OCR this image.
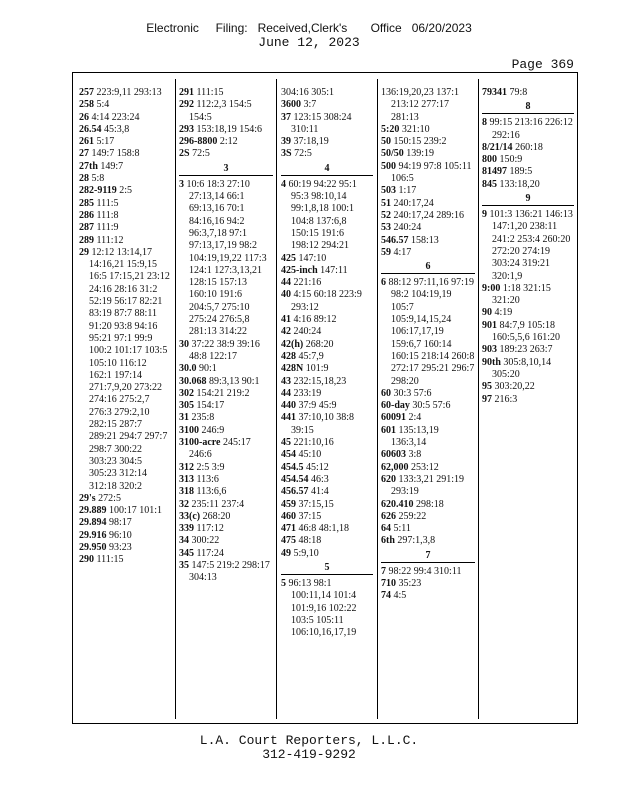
Electronic     Filing:   Received,Clerk's       Office   06/20/2023
June 12, 2023
Page 369
257 223:9,11 293:13
258 5:4
26 4:14 223:24
26.54 45:3,8
261 5:17
27 149:7 158:8
27th 149:7
28 5:8
282-9119 2:5
285 111:5
286 111:8
287 111:9
289 111:12
29 12:12 13:14,17 14:16,21 15:9,15 16:5 17:15,21 23:12 24:16 28:16 31:2 52:19 56:17 82:21 83:19 87:7 88:11 91:20 93:8 94:16 95:21 97:1 99:9 100:2 101:17 103:5 105:10 116:12 162:1 197:14 271:7,9,20 273:22 274:16 275:2,7 276:3 279:2,10 282:15 287:7 289:21 294:7 297:7 298:7 300:22 303:23 304:5 305:23 312:14 312:18 320:2
29's 272:5
29.889 100:17 101:1
29.894 98:17
29.916 96:10
29.950 93:23
290 111:15
291 111:15
292 112:2,3 154:5 154:5
293 153:18,19 154:6
296-8800 2:12
2S 72:5
3
3 10:6 18:3 27:10 27:13,14 66:1 69:13,16 70:1 84:16,16 94:2 96:3,7,18 97:1 97:13,17,19 98:2 104:19,19,22 117:3 124:1 127:3,13,21 128:15 157:13 160:10 191:6 204:5,7 275:10 275:24 276:5,8 281:13 314:22
30 37:22 38:9 39:16 48:8 122:17
30.0 90:1
30.068 89:3,13 90:1
302 154:21 219:2
305 154:17
31 235:8
3100 246:9
3100-acre 245:17 246:6
312 2:5 3:9
313 113:6
318 113:6,6
32 235:11 237:4
33(c) 268:20
339 117:12
34 300:22
345 117:24
35 147:5 219:2 298:17 304:13
304:16 305:1
3600 3:7
37 123:15 308:24 310:11
39 37:18,19
3S 72:5
4
4 60:19 94:22 95:1 95:3 98:10,14 99:1,8,18 100:1 104:8 137:6,8 150:15 191:6 198:12 294:21
425 147:10
425-inch 147:11
44 221:16
40 4:15 60:18 223:9 293:12
41 4:16 89:12
42 240:24
42(h) 268:20
428 45:7,9
428N 101:9
43 232:15,18,23
44 233:19
440 37:9 45:9
441 37:10,10 38:8 39:15
45 221:10,16
454 45:10
454.5 45:12
454.54 46:3
456.57 41:4
459 37:15,15
460 37:15
471 46:8 48:1,18
475 48:18
49 5:9,10
5
5 96:13 98:1 100:11,14 101:4 101:9,16 102:22 103:5 105:11 106:10,16,17,19
136:19,20,23 137:1 213:12 277:17 281:13
5:20 321:10
50 150:15 239:2
50/50 139:19
500 94:19 97:8 105:11 106:5
503 1:17
51 240:17,24
52 240:17,24 289:16
53 240:24
546.57 158:13
59 4:17
6
6 88:12 97:11,16 97:19 98:2 104:19,19 105:7 105:9,14,15,24 106:17,17,19 159:6,7 160:14 160:15 218:14 260:8 272:17 295:21 296:7 298:20
60 30:3 57:6
60-day 30:5 57:6
60091 2:4
601 135:13,19 136:3,14
60603 3:8
62,000 253:12
620 133:3,21 291:19 293:19
620.410 298:18
626 259:22
64 5:11
6th 297:1,3,8
7
7 98:22 99:4 310:11
710 35:23
74 4:5
79341 79:8
8
8 99:15 213:16 226:12 292:16
8/21/14 260:18
800 150:9
81497 189:5
845 133:18,20
9
9 101:3 136:21 146:13 147:1,20 238:11 241:2 253:4 260:20 272:20 274:19 303:24 319:21 320:1,9
9:00 1:18 321:15 321:20
90 4:19
901 84:7,9 105:18 160:5,5,6 161:20
903 189:23 263:7
90th 305:8,10,14 305:20
95 303:20,22
97 216:3
L.A. Court Reporters, L.L.C.
312-419-9292
